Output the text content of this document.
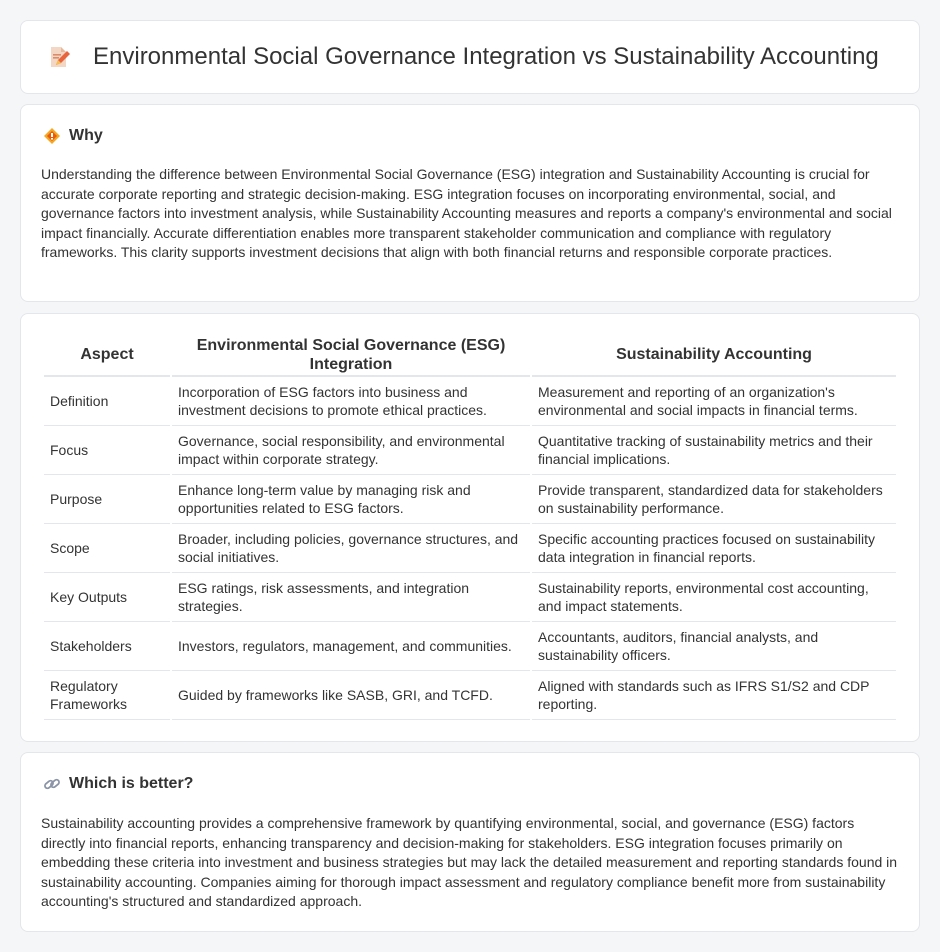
Environmental Social Governance Integration vs Sustainability Accounting
Why

Understanding the difference between Environmental Social Governance (ESG) integration and Sustainability Accounting is crucial for accurate corporate reporting and strategic decision-making. ESG integration focuses on incorporating environmental, social, and governance factors into investment analysis, while Sustainability Accounting measures and reports a company's environmental and social impact financially. Accurate differentiation enables more transparent stakeholder communication and compliance with regulatory frameworks. This clarity supports investment decisions that align with both financial returns and responsible corporate practices.

Aspect	Environmental Social Governance (ESG) Integration	Sustainability Accounting
Definition	Incorporation of ESG factors into business and investment decisions to promote ethical practices.	Measurement and reporting of an organization's environmental and social impacts in financial terms.
Focus	Governance, social responsibility, and environmental impact within corporate strategy.	Quantitative tracking of sustainability metrics and their financial implications.
Purpose	Enhance long-term value by managing risk and opportunities related to ESG factors.	Provide transparent, standardized data for stakeholders on sustainability performance.
Scope	Broader, including policies, governance structures, and social initiatives.	Specific accounting practices focused on sustainability data integration in financial reports.
Key Outputs	ESG ratings, risk assessments, and integration strategies.	Sustainability reports, environmental cost accounting, and impact statements.
Stakeholders	Investors, regulators, management, and communities.	Accountants, auditors, financial analysts, and sustainability officers.
Regulatory Frameworks	Guided by frameworks like SASB, GRI, and TCFD.	Aligned with standards such as IFRS S1/S2 and CDP reporting.
Which is better?

Sustainability accounting provides a comprehensive framework by quantifying environmental, social, and governance (ESG) factors directly into financial reports, enhancing transparency and decision-making for stakeholders. ESG integration focuses primarily on embedding these criteria into investment and business strategies but may lack the detailed measurement and reporting standards found in sustainability accounting. Companies aiming for thorough impact assessment and regulatory compliance benefit more from sustainability accounting's structured and standardized approach.
